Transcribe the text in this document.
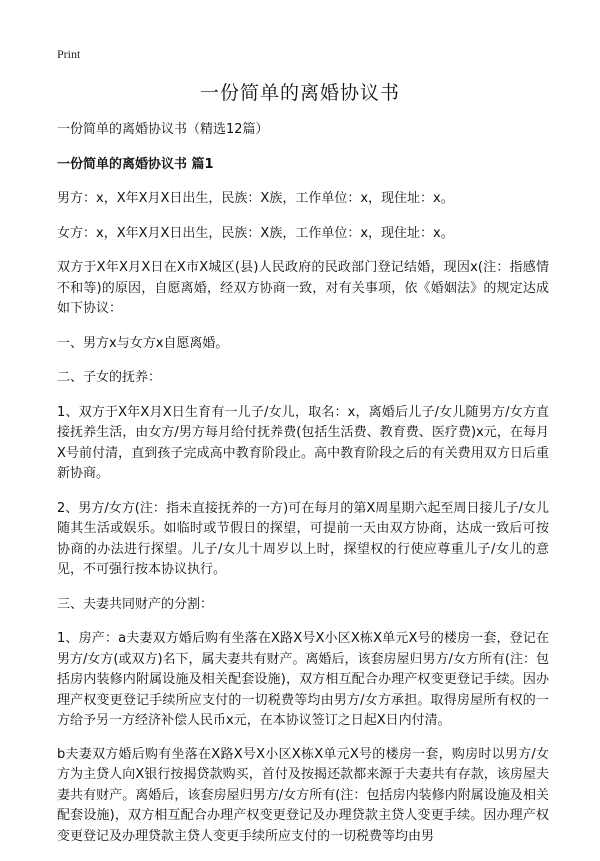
Print
一份简单的离婚协议书

一份简单的离婚协议书（精选12篇）

一份简单的离婚协议书 篇1

男方：x，X年X月X日出生，民族：X族，工作单位：x，现住址：x。

女方：x，X年X月X日出生，民族：X族，工作单位：x，现住址：x。

双方于X年X月X日在X市X城区(县)人民政府的民政部门登记结婚，现因x(注：指感情不和等)的原因，自愿离婚，经双方协商一致，对有关事项，依《婚姻法》的规定达成如下协议：

一、男方x与女方x自愿离婚。

二、子女的抚养：

1、双方于X年X月X日生育有一儿子/女儿，取名：x，离婚后儿子/女儿随男方/女方直接抚养生活，由女方/男方每月给付抚养费(包括生活费、教育费、医疗费)x元，在每月X号前付清，直到孩子完成高中教育阶段止。高中教育阶段之后的有关费用双方日后重新协商。

2、男方/女方(注：指未直接抚养的一方)可在每月的第X周星期六起至周日接儿子/女儿随其生活或娱乐。如临时或节假日的探望，可提前一天由双方协商，达成一致后可按协商的办法进行探望。儿子/女儿十周岁以上时，探望权的行使应尊重儿子/女儿的意见，不可强行按本协议执行。

三、夫妻共同财产的分割：

1、房产：a夫妻双方婚后购有坐落在X路X号X小区X栋X单元X号的楼房一套，登记在男方/女方(或双方)名下，属夫妻共有财产。离婚后，该套房屋归男方/女方所有(注：包括房内装修内附属设施及相关配套设施)，双方相互配合办理产权变更登记手续。因办理产权变更登记手续所应支付的一切税费等均由男方/女方承担。取得房屋所有权的一方给予另一方经济补偿人民币x元，在本协议签订之日起X日内付清。

b夫妻双方婚后购有坐落在X路X号X小区X栋X单元X号的楼房一套，购房时以男方/女方为主贷人向X银行按揭贷款购买，首付及按揭还款都来源于夫妻共有存款，该房屋夫妻共有财产。离婚后，该套房屋归男方/女方所有(注：包括房内装修内附属设施及相关配套设施)，双方相互配合办理产权变更登记及办理贷款主贷人变更手续。因办理产权变更登记及办理贷款主贷人变更手续所应支付的一切税费等均由男
